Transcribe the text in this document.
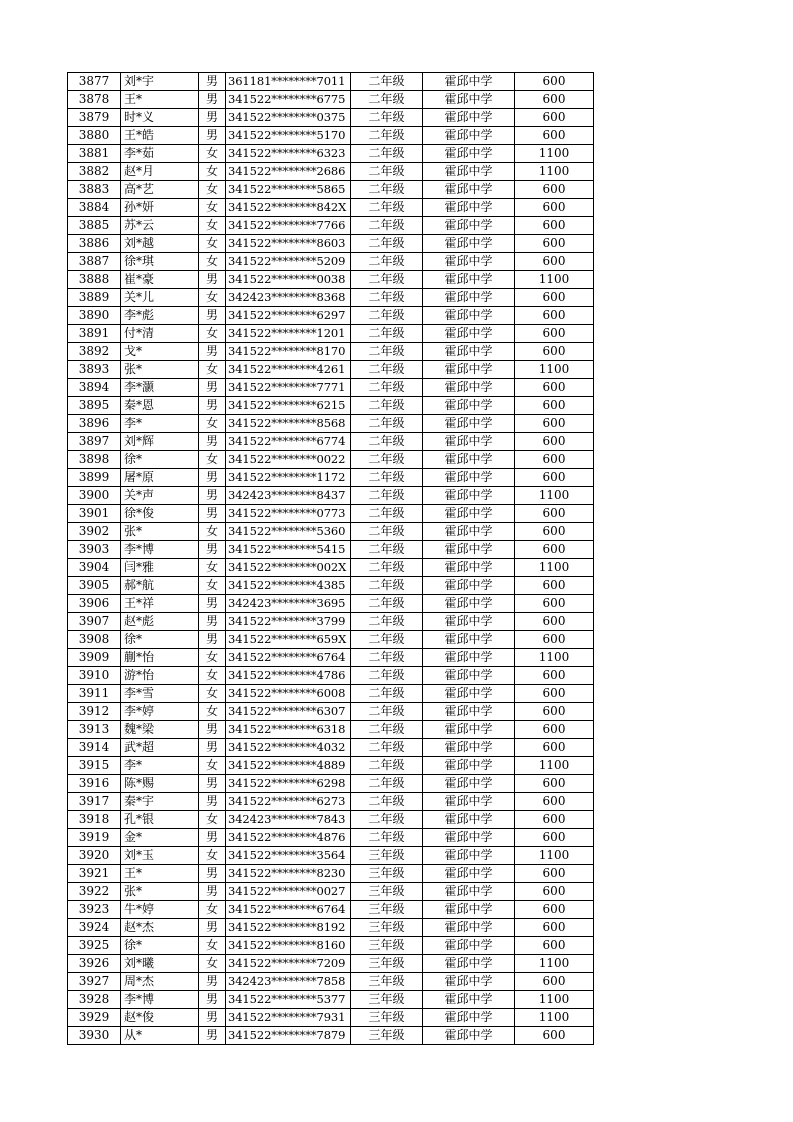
3877	刘*宇	男	361181********7011	二年级	霍邱中学	600
3878	王*	男	341522********6775	二年级	霍邱中学	600
3879	时*义	男	341522********0375	二年级	霍邱中学	600
3880	王*皓	男	341522********5170	二年级	霍邱中学	600
3881	李*茹	女	341522********6323	二年级	霍邱中学	1100
3882	赵*月	女	341522********2686	二年级	霍邱中学	1100
3883	高*艺	女	341522********5865	二年级	霍邱中学	600
3884	孙*妍	女	341522********842X	二年级	霍邱中学	600
3885	苏*云	女	341522********7766	二年级	霍邱中学	600
3886	刘*越	女	341522********8603	二年级	霍邱中学	600
3887	徐*琪	女	341522********5209	二年级	霍邱中学	600
3888	崔*豪	男	341522********0038	二年级	霍邱中学	1100
3889	关*儿	女	342423********8368	二年级	霍邱中学	600
3890	李*彪	男	341522********6297	二年级	霍邱中学	600
3891	付*清	女	341522********1201	二年级	霍邱中学	600
3892	戈*	男	341522********8170	二年级	霍邱中学	600
3893	张*	女	341522********4261	二年级	霍邱中学	1100
3894	李*灏	男	341522********7771	二年级	霍邱中学	600
3895	秦*恩	男	341522********6215	二年级	霍邱中学	600
3896	李*	女	341522********8568	二年级	霍邱中学	600
3897	刘*辉	男	341522********6774	二年级	霍邱中学	600
3898	徐*	女	341522********0022	二年级	霍邱中学	600
3899	屠*原	男	341522********1172	二年级	霍邱中学	600
3900	关*声	男	342423********8437	二年级	霍邱中学	1100
3901	徐*俊	男	341522********0773	二年级	霍邱中学	600
3902	张*	女	341522********5360	二年级	霍邱中学	600
3903	李*博	男	341522********5415	二年级	霍邱中学	600
3904	闫*雅	女	341522********002X	二年级	霍邱中学	1100
3905	郝*航	女	341522********4385	二年级	霍邱中学	600
3906	王*祥	男	342423********3695	二年级	霍邱中学	600
3907	赵*彪	男	341522********3799	二年级	霍邱中学	600
3908	徐*	男	341522********659X	二年级	霍邱中学	600
3909	蒯*怡	女	341522********6764	二年级	霍邱中学	1100
3910	游*怡	女	341522********4786	二年级	霍邱中学	600
3911	李*雪	女	341522********6008	二年级	霍邱中学	600
3912	李*婷	女	341522********6307	二年级	霍邱中学	600
3913	魏*梁	男	341522********6318	二年级	霍邱中学	600
3914	武*超	男	341522********4032	二年级	霍邱中学	600
3915	李*	女	341522********4889	二年级	霍邱中学	1100
3916	陈*赐	男	341522********6298	二年级	霍邱中学	600
3917	秦*宇	男	341522********6273	二年级	霍邱中学	600
3918	孔*银	女	342423********7843	二年级	霍邱中学	600
3919	金*	男	341522********4876	二年级	霍邱中学	600
3920	刘*玉	女	341522********3564	三年级	霍邱中学	1100
3921	王*	男	341522********8230	三年级	霍邱中学	600
3922	张*	男	341522********0027	三年级	霍邱中学	600
3923	牛*婷	女	341522********6764	三年级	霍邱中学	600
3924	赵*杰	男	341522********8192	三年级	霍邱中学	600
3925	徐*	女	341522********8160	三年级	霍邱中学	600
3926	刘*曦	女	341522********7209	三年级	霍邱中学	1100
3927	周*杰	男	342423********7858	三年级	霍邱中学	600
3928	李*博	男	341522********5377	三年级	霍邱中学	1100
3929	赵*俊	男	341522********7931	三年级	霍邱中学	1100
3930	从*	男	341522********7879	三年级	霍邱中学	600
